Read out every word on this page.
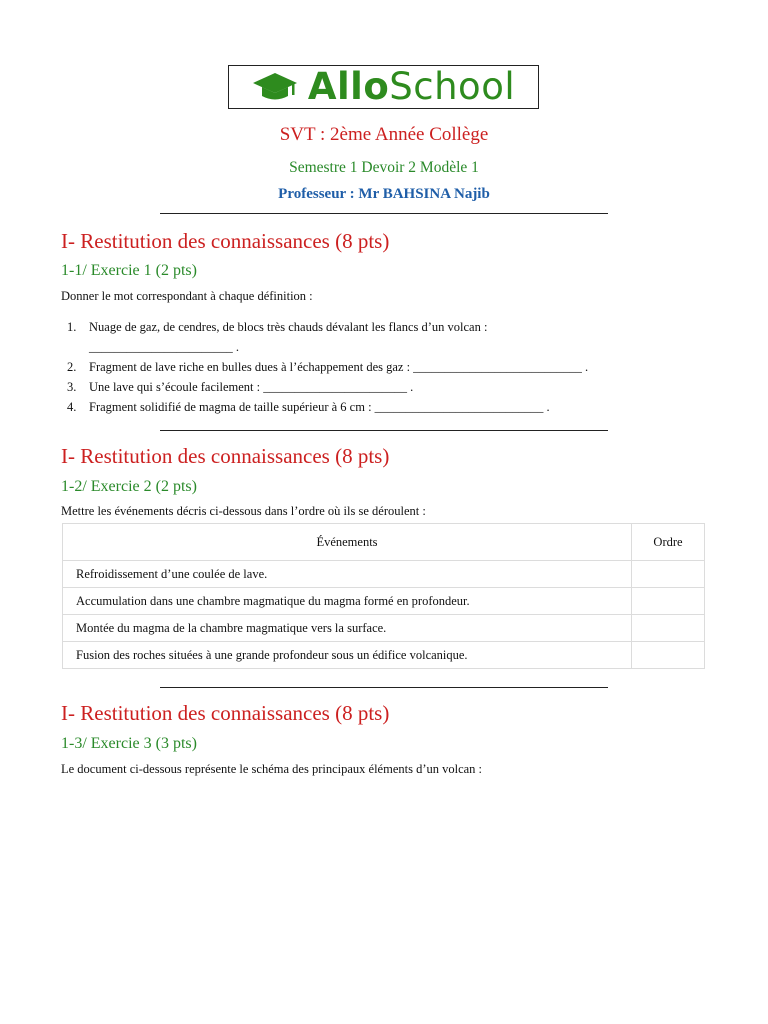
AlloSchool
SVT : 2ème Année Collège
Semestre 1 Devoir 2 Modèle 1
Professeur : Mr BAHSINA Najib
I- Restitution des connaissances (8 pts)
1-1/ Exercie 1 (2 pts)
Donner le mot correspondant à chaque définition :
1. Nuage de gaz, de cendres, de blocs très chauds dévalant les flancs d’un volcan :
_______________________ .
2. Fragment de lave riche en bulles dues à l’échappement des gaz : ___________________________ .
3. Une lave qui s’écoule facilement : _______________________ .
4. Fragment solidifié de magma de taille supérieur à 6 cm : ___________________________ .
I- Restitution des connaissances (8 pts)
1-2/ Exercie 2 (2 pts)
Mettre les événements décris ci-dessous dans l’ordre où ils se déroulent :
Événements	Ordre
Refroidissement d’une coulée de lave.	
Accumulation dans une chambre magmatique du magma formé en profondeur.	
Montée du magma de la chambre magmatique vers la surface.	
Fusion des roches situées à une grande profondeur sous un édifice volcanique.	
I- Restitution des connaissances (8 pts)
1-3/ Exercie 3 (3 pts)
Le document ci-dessous représente le schéma des principaux éléments d’un volcan :
